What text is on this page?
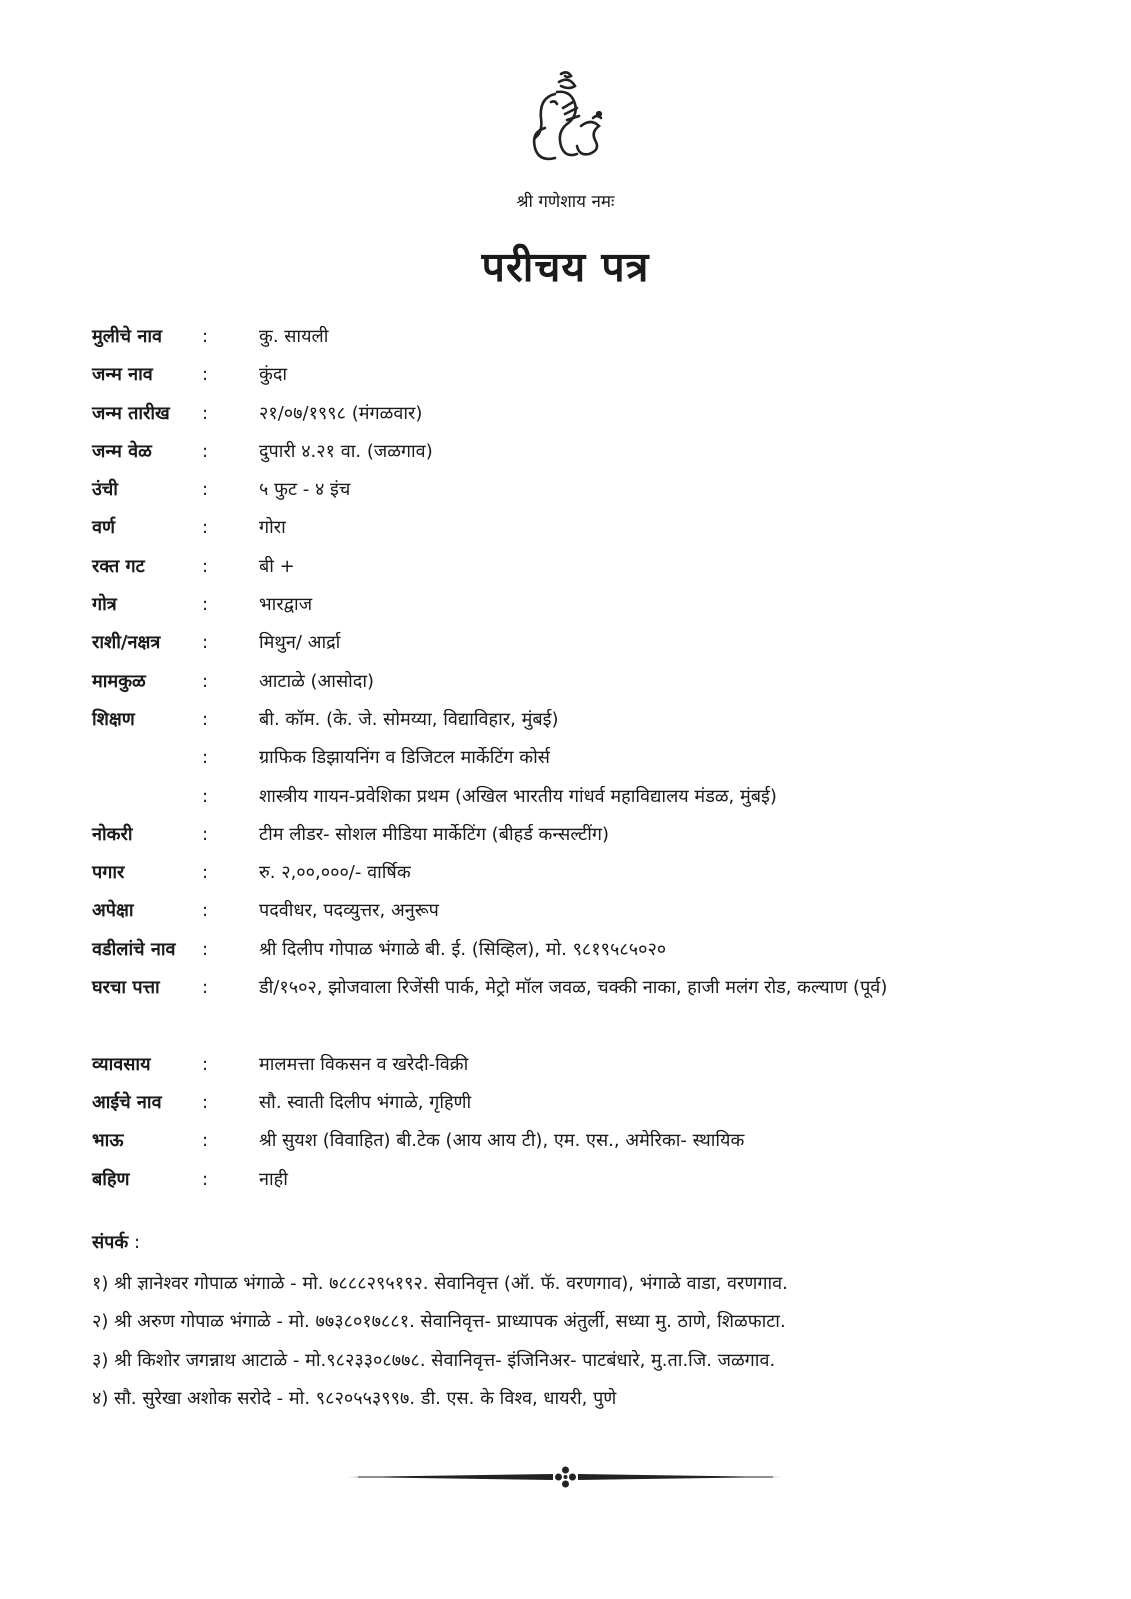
श्री गणेशाय नमः
परीचय पत्र
मुलीचे नाव :	कु. सायली
जन्म नाव	:	कुंदा
जन्म तारीख :	२१/०७/१९९८ (मंगळवार)
जन्म वेळ	:	दुपारी ४.२१ वा. (जळगाव)
उंची	:	५ फुट - ४ इंच
वर्ण	:	गोरा
रक्त गट	:	बी +
गोत्र	:	भारद्वाज
राशी/नक्षत्र :	मिथुन/ आर्द्रा
मामकुळ	:	आटाळे (आसोदा)
शिक्षण	:	बी. कॉम. (के. जे. सोमय्या, विद्याविहार, मुंबई)
:	ग्राफिक डिझायनिंग व डिजिटल मार्केटिंग कोर्स
:	शास्त्रीय गायन-प्रवेशिका प्रथम (अखिल भारतीय गांधर्व महाविद्यालय मंडळ, मुंबई)
नोकरी	:	टीम लीडर- सोशल मीडिया मार्केटिंग (बीहर्ड कन्सल्टींग)
पगार	:	रु. २,००,०००/- वार्षिक
अपेक्षा	:	पदवीधर, पदव्युत्तर, अनुरूप
वडीलांचे नाव :	श्री दिलीप गोपाळ भंगाळे बी. ई. (सिव्हिल), मो. ९८१९५८५०२०
घरचा पत्ता :	डी/१५०२, झोजवाला रिजेंसी पार्क, मेट्रो मॉल जवळ, चक्की नाका, हाजी मलंग रोड, कल्याण (पूर्व)
व्यावसाय	:	मालमत्ता विकसन व खरेदी-विक्री
आईचे नाव :	सौ. स्वाती दिलीप भंगाळे, गृहिणी
भाऊ	:	श्री सुयश (विवाहित) बी.टेक (आय आय टी), एम. एस., अमेरिका- स्थायिक
बहिण	:	नाही
संपर्क :
१) श्री ज्ञानेश्वर गोपाळ भंगाळे - मो. ७८८८२९५१९२. सेवानिवृत्त (ऑ. फॅ. वरणगाव), भंगाळे वाडा, वरणगाव.
२) श्री अरुण गोपाळ भंगाळे - मो. ७७३८०१७८८१. सेवानिवृत्त- प्राध्यापक अंतुर्ली, सध्या मु. ठाणे, शिळफाटा.
३) श्री किशोर जगन्नाथ आटाळे - मो.९८२३३०८७७८. सेवानिवृत्त- इंजिनिअर- पाटबंधारे, मु.ता.जि. जळगाव.
४) सौ. सुरेखा अशोक सरोदे - मो. ९८२०५५३९९७. डी. एस. के विश्व, धायरी, पुणे
